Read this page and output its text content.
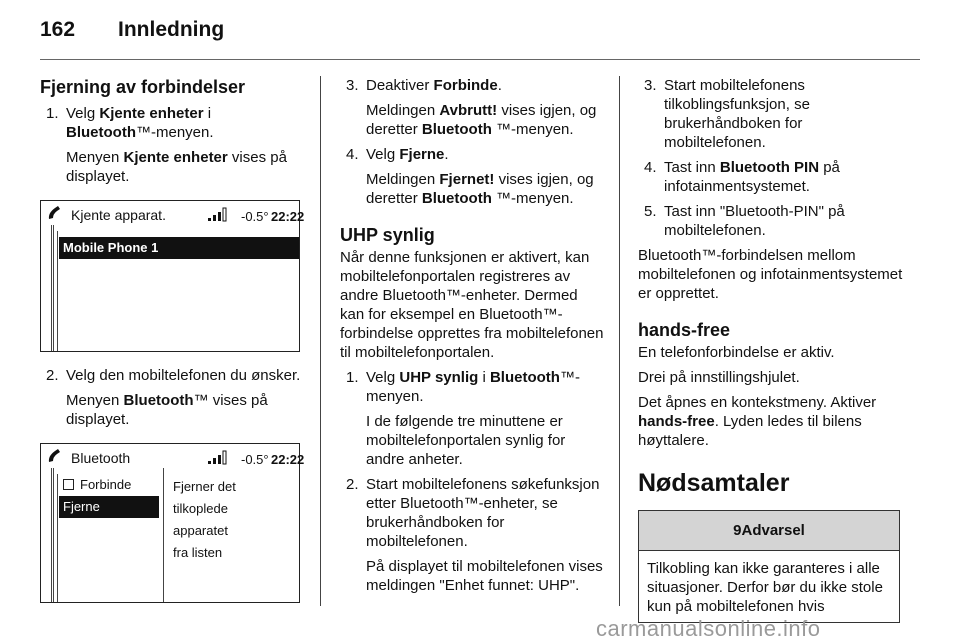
162 Innledning
Fjerning av forbindelser
1. Velg Kjente enheter i Bluetooth™-menyen.

Menyen Kjente enheter vises på displayet.

Kjente apparat.	-0.5° 22:22
Mobile Phone 1
2. Velg den mobiltelefonen du ønsker.

Menyen Bluetooth™ vises på displayet.

Bluetooth	-0.5° 22:22
Forbinde
Fjerne
Fjerner det
tilkoplede
apparatet
fra listen
3. Deaktiver Forbinde.

Meldingen Avbrutt! vises igjen, og deretter Bluetooth ™-menyen.

4. Velg Fjerne.

Meldingen Fjernet! vises igjen, og deretter Bluetooth ™-menyen.

UHP synlig

Når denne funksjonen er aktivert, kan mobiltelefonportalen registreres av andre Bluetooth™-enheter. Dermed kan for eksempel en Bluetooth™-forbindelse opprettes fra mobiltelefonen til mobiltelefonportalen.

1. Velg UHP synlig i Bluetooth™-menyen.

I de følgende tre minuttene er mobiltelefonportalen synlig for andre anheter.

2. Start mobiltelefonens søkefunksjon etter Bluetooth™-enheter, se brukerhåndboken for mobiltelefonen.

På displayet til mobiltelefonen vises meldingen "Enhet funnet: UHP".

3. Start mobiltelefonens tilkoblingsfunksjon, se brukerhåndboken for mobiltelefonen.
4. Tast inn Bluetooth PIN på infotainmentsystemet.
5. Tast inn "Bluetooth-PIN" på mobiltelefonen.

Bluetooth™-forbindelsen mellom mobiltelefonen og infotainmentsystemet er opprettet.

hands-free

En telefonforbindelse er aktiv.

Drei på innstillingshjulet.

Det åpnes en kontekstmeny. Aktiver hands-free. Lyden ledes til bilens høyttalere.

Nødsamtaler
9Advarsel
Tilkobling kan ikke garanteres i alle situasjoner. Derfor bør du ikke stole kun på mobiltelefonen hvis
carmanualsonline.info
